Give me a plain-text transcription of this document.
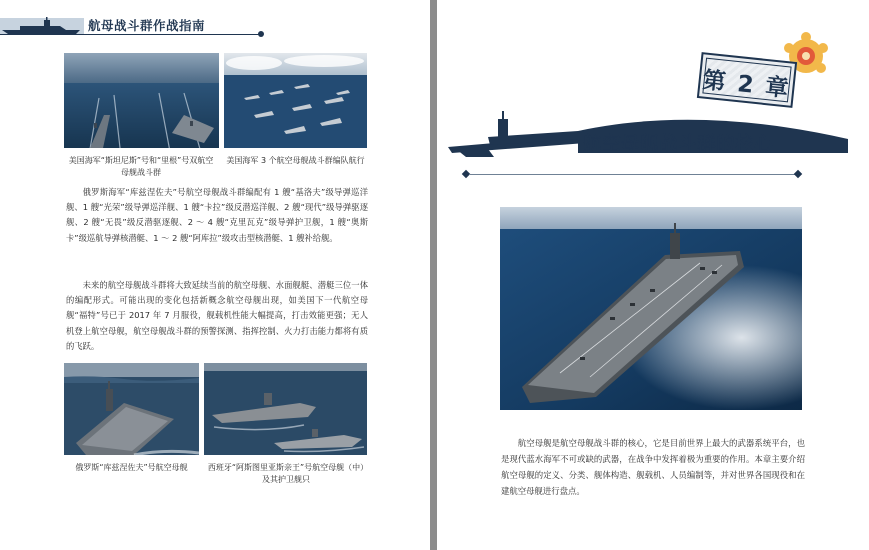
航母战斗群作战指南
美国海军“斯坦尼斯”号和“里根”号双航空母舰战斗群
美国海军 3 个航空母舰战斗群编队航行

俄罗斯海军“库兹涅佐夫”号航空母舰战斗群编配有 1 艘“基洛夫”级导弹巡洋舰、1 艘“光荣”级导弹巡洋舰、1 艘“卡拉”级反潜巡洋舰、2 艘“现代”级导弹驱逐舰、2 艘“无畏”级反潜驱逐舰、2 ～ 4 艘“克里瓦克”级导弹护卫舰，1 艘“奥斯卡”级巡航导弹核潜艇、1 ～ 2 艘“阿库拉”级攻击型核潜艇、1 艘补给舰。

未来的航空母舰战斗群将大致延续当前的航空母舰、水面舰艇、潜艇三位一体的编配形式。可能出现的变化包括新概念航空母舰出现，如美国下一代航空母舰“福特”号已于 2017 年 7 月服役，舰载机性能大幅提高，打击效能更强；无人机登上航空母舰，航空母舰战斗群的预警探测、指挥控制、火力打击能力都将有质的飞跃。

俄罗斯“库兹涅佐夫”号航空母舰	西班牙“阿斯图里亚斯亲王”号航空母舰（中）及其护卫舰只
第 2 章
航空母舰战斗群的核心

航空母舰是航空母舰战斗群的核心，它是目前世界上最大的武器系统平台，也是现代蓝水海军不可或缺的武器，在战争中发挥着极为重要的作用。本章主要介绍航空母舰的定义、分类、舰体构造、舰载机、人员编制等，并对世界各国现役和在建航空母舰进行盘点。
